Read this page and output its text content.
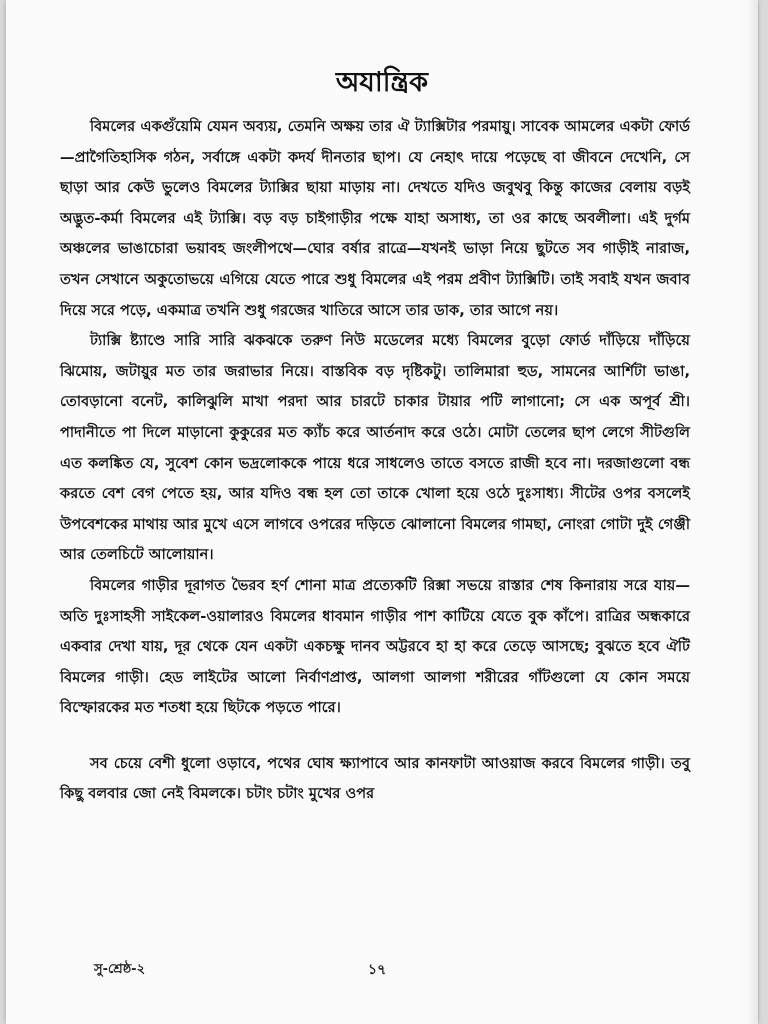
অযান্ত্রিক

বিমলের একগুঁয়েমি যেমন অব্যয়, তেমনি অক্ষয় তার ঐ ট্যাক্সিটার পরমায়ু। সাবেক আমলের একটা ফোর্ড—প্রাগৈতিহাসিক গঠন, সর্বাঙ্গে একটা কদর্য দীনতার ছাপ। যে নেহাৎ দায়ে পড়েছে বা জীবনে দেখেনি, সে ছাড়া আর কেউ ভুলেও বিমলের ট্যাক্সির ছায়া মাড়ায় না। দেখতে যদিও জবুথবু কিন্তু কাজের বেলায় বড়ই অদ্ভুত-কর্মা বিমলের এই ট্যাক্সি। বড় বড় চাইগাড়ীর পক্ষে যাহা অসাধ্য, তা ওর কাছে অবলীলা। এই দুর্গম অঞ্চলের ভাঙাচোরা ভয়াবহ জংলীপথে—ঘোর বর্ষার রাত্রে—যখনই ভাড়া নিয়ে ছুটতে সব গাড়ীই নারাজ, তখন সেখানে অকুতোভয়ে এগিয়ে যেতে পারে শুধু বিমলের এই পরম প্রবীণ ট্যাক্সিটি। তাই সবাই যখন জবাব দিয়ে সরে পড়ে, একমাত্র তখনি শুধু গরজের খাতিরে আসে তার ডাক, তার আগে নয়।

ট্যাক্সি ষ্ট্যাণ্ডে সারি সারি ঝকঝকে তরুণ নিউ মডেলের মধ্যে বিমলের বুড়ো ফোর্ড দাঁড়িয়ে দাঁড়িয়ে ঝিমোয়, জটায়ুর মত তার জরাভার নিয়ে। বাস্তবিক বড় দৃষ্টিকটু। তালিমারা হুড, সামনের আর্শিটা ভাঙা, তোবড়ানো বনেট, কালিঝুলি মাখা পরদা আর চারটে চাকার টায়ার পটি লাগানো; সে এক অপূর্ব শ্রী। পাদানীতে পা দিলে মাড়ানো কুকুরের মত ক্যাঁচ করে আর্তনাদ করে ওঠে। মোটা তেলের ছাপ লেগে সীটগুলি এত কলঙ্কিত যে, সুবেশ কোন ভদ্রলোককে পায়ে ধরে সাধলেও তাতে বসতে রাজী হবে না। দরজাগুলো বন্ধ করতে বেশ বেগ পেতে হয়, আর যদিও বন্ধ হল তো তাকে খোলা হয়ে ওঠে দুঃসাধ্য। সীটের ওপর বসলেই উপবেশকের মাথায় আর মুখে এসে লাগবে ওপরের দড়িতে ঝোলানো বিমলের গামছা, নোংরা গোটা দুই গেঞ্জী আর তেলচিটে আলোয়ান।

বিমলের গাড়ীর দূরাগত ভৈরব হর্ণ শোনা মাত্র প্রত্যেকটি রিক্সা সভয়ে রাস্তার শেষ কিনারায় সরে যায়—অতি দুঃসাহসী সাইকেল-ওয়ালারও বিমলের ধাবমান গাড়ীর পাশ কাটিয়ে যেতে বুক কাঁপে। রাত্রির অন্ধকারে একবার দেখা যায়, দূর থেকে যেন একটা একচক্ষু দানব অট্টরবে হা হা করে তেড়ে আসছে; বুঝতে হবে ঐটি বিমলের গাড়ী। হেড লাইটের আলো নির্বাণপ্রাপ্ত, আলগা আলগা শরীরের গাঁটগুলো যে কোন সময়ে বিস্ফোরকের মত শতধা হয়ে ছিটকে পড়তে পারে।

সব চেয়ে বেশী ধুলো ওড়াবে, পথের ঘোষ ক্ষ্যাপাবে আর কানফাটা আওয়াজ করবে বিমলের গাড়ী। তবু কিছু বলবার জো নেই বিমলকে। চটাং চটাং মুখের ওপর

সু-শ্রেষ্ঠ-২	১৭
